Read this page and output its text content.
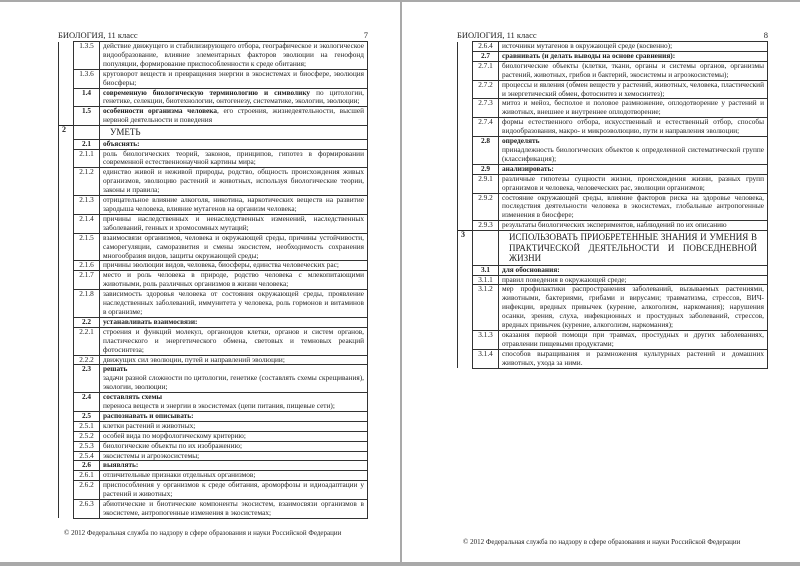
БИОЛОГИЯ, 11 класс	7
	1.3.5	действие движущего и стабилизирующего отбора, географическое и экологическое видообразование, влияние элементарных факторов эволюции на генофонд популяции, формирование приспособленности к среде обитания;
	1.3.6	круговорот веществ и превращения энергии в экосистемах и биосфере, эволюция биосферы;
	1.4	современную биологическую терминологию и символику по цитологии, генетике, селекции, биотехнологии, онтогенезу, систематике, экологии, эволюции;
	1.5	особенности организма человека, его строения, жизнедеятельности, высшей нервной деятельности и поведения
2		УМЕТЬ
	2.1	объяснять:
	2.1.1	роль биологических теорий, законов, принципов, гипотез в формировании современной естественнонаучной картины мира;
	2.1.2	единство живой и неживой природы, родство, общность происхождения живых организмов, эволюцию растений и животных, используя биологические теории, законы и правила;
	2.1.3	отрицательное влияние алкоголя, никотина, наркотических веществ на развитие зародыша человека, влияние мутагенов на организм человека;
	2.1.4	причины наследственных и ненаследственных изменений, наследственных заболеваний, генных и хромосомных мутаций;
	2.1.5	взаимосвязи организмов, человека и окружающей среды, причины устойчивости, саморегуляции, саморазвития и смены экосистем, необходимость сохранения многообразия видов, защиты окружающей среды;
	2.1.6	причины эволюции видов, человека, биосферы, единства человеческих рас;
	2.1.7	место и роль человека в природе, родство человека с млекопитающими животными, роль различных организмов в жизни человека;
	2.1.8	зависимость здоровья человека от состояния окружающей среды, проявление наследственных заболеваний, иммунитета у человека, роль гормонов и витаминов в организме;
	2.2	устанавливать взаимосвязи:
	2.2.1	строения и функций молекул, органоидов клетки, органов и систем органов, пластического и энергетического обмена, световых и темновых реакций фотосинтеза;
	2.2.2	движущих сил эволюции, путей и направлений эволюции;
	2.3	решать
задачи разной сложности по цитологии, генетике (составлять схемы скрещивания), экологии, эволюции;
	2.4	составлять схемы
переноса веществ и энергии в экосистемах (цепи питания, пищевые сети);
	2.5	распознавать и описывать:
	2.5.1	клетки растений и животных;
	2.5.2	особей вида по морфологическому критерию;
	2.5.3	биологические объекты по их изображению;
	2.5.4	экосистемы и агроэкосистемы;
	2.6	выявлять:
	2.6.1	отличительные признаки отдельных организмов;
	2.6.2	приспособления у организмов к среде обитания, ароморфозы и идиоадаптации у растений и животных;
	2.6.3	абиотические и биотические компоненты экосистем, взаимосвязи организмов в экосистеме, антропогенные изменения в экосистемах;
© 2012 Федеральная служба по надзору в сфере образования и науки Российской Федерации
БИОЛОГИЯ, 11 класс	8
	2.6.4	источники мутагенов в окружающей среде (косвенно);
	2.7	сравнивать (и делать выводы на основе сравнения):
	2.7.1	биологические объекты (клетки, ткани, органы и системы органов, организмы растений, животных, грибов и бактерий, экосистемы и агроэкосистемы);
	2.7.2	процессы и явления (обмен веществ у растений, животных, человека, пластический и энергетический обмен, фотосинтез и хемосинтез);
	2.7.3	митоз и мейоз, бесполое и половое размножение, оплодотворение у растений и животных, внешнее и внутреннее оплодотворение;
	2.7.4	формы естественного отбора, искусственный и естественный отбор, способы видообразования, макро- и микроэволюцию, пути и направления эволюции;
	2.8	определять
принадлежность биологических объектов к определенной систематической группе (классификация);
	2.9	анализировать:
	2.9.1	различные гипотезы сущности жизни, происхождения жизни, разных групп организмов и человека, человеческих рас, эволюции организмов;
	2.9.2	состояние окружающей среды, влияние факторов риска на здоровье человека, последствия деятельности человека в экосистемах, глобальные антропогенные изменения в биосфере;
	2.9.3	результаты биологических экспериментов, наблюдений по их описанию
3		ИСПОЛЬЗОВАТЬ ПРИОБРЕТЕННЫЕ ЗНАНИЯ И УМЕНИЯ В ПРАКТИЧЕСКОЙ ДЕЯТЕЛЬНОСТИ И ПОВСЕДНЕВНОЙ ЖИЗНИ
	3.1	для обоснования:
	3.1.1	правил поведения в окружающей среде;
	3.1.2	мер профилактики распространения заболеваний, вызываемых растениями, животными, бактериями, грибами и вирусами; травматизма, стрессов, ВИЧ-инфекции, вредных привычек (курение, алкоголизм, наркомания); нарушения осанки, зрения, слуха, инфекционных и простудных заболеваний, стрессов, вредных привычек (курение, алкоголизм, наркомания);
	3.1.3	оказания первой помощи при травмах, простудных и других заболеваниях, отравлении пищевыми продуктами;
	3.1.4	способов выращивания и размножения культурных растений и домашних животных, ухода за ними.
© 2012 Федеральная служба по надзору в сфере образования и науки Российской Федерации
